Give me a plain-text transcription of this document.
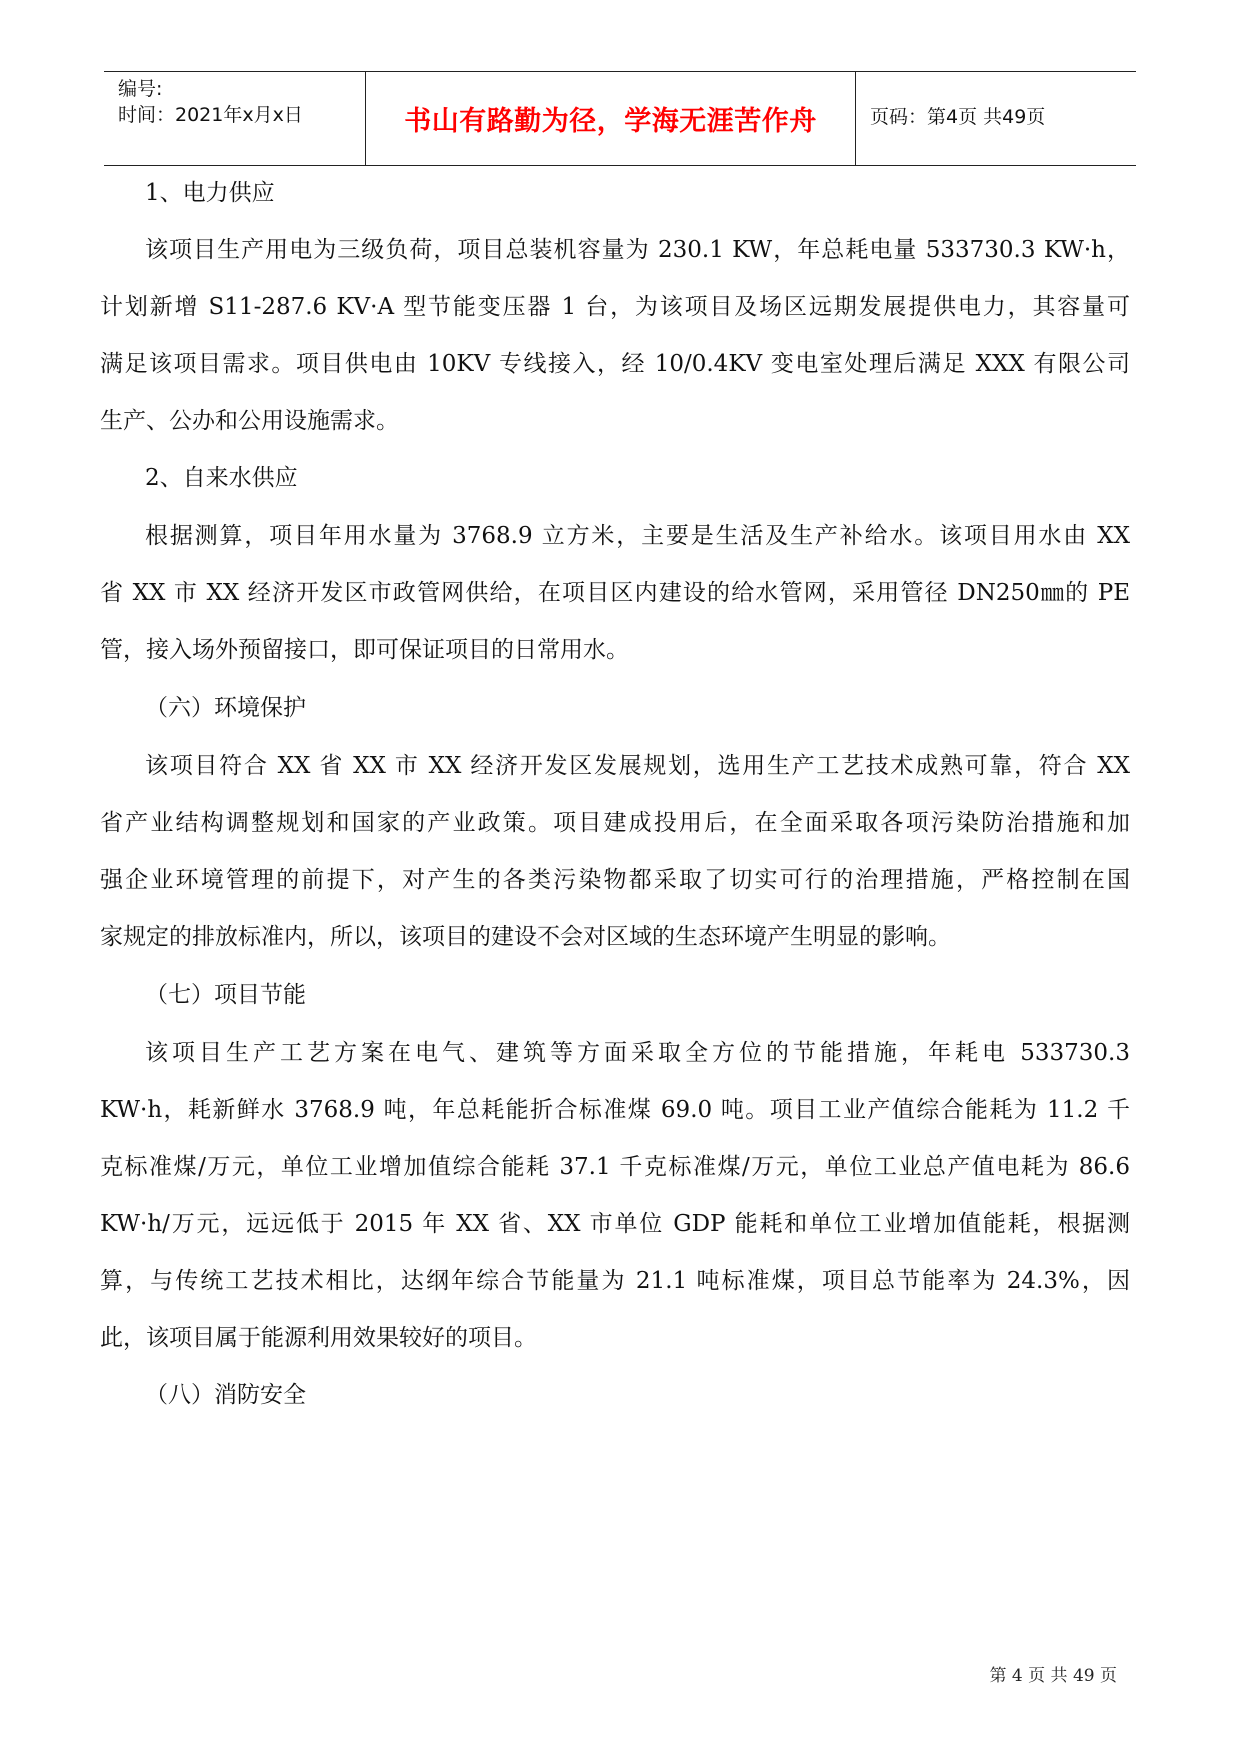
编号:
时间：2021年x月x日	书山有路勤为径，学海无涯苦作舟	页码：第4页 共49页
1、电力供应
该项目生产用电为三级负荷，项目总装机容量为 230.1 KW，年总耗电量 533730.3 KW·h，
计划新增 S11-287.6 KV·A 型节能变压器 1 台，为该项目及场区远期发展提供电力，其容量可
满足该项目需求。项目供电由 10KV 专线接入，经 10/0.4KV 变电室处理后满足 XXX 有限公司
生产、公办和公用设施需求。
2、自来水供应
根据测算，项目年用水量为 3768.9 立方米，主要是生活及生产补给水。该项目用水由 XX
省 XX 市 XX 经济开发区市政管网供给，在项目区内建设的给水管网，采用管径 DN250㎜的 PE
管，接入场外预留接口，即可保证项目的日常用水。
（六）环境保护
该项目符合 XX 省 XX 市 XX 经济开发区发展规划，选用生产工艺技术成熟可靠，符合 XX
省产业结构调整规划和国家的产业政策。项目建成投用后，在全面采取各项污染防治措施和加
强企业环境管理的前提下，对产生的各类污染物都采取了切实可行的治理措施，严格控制在国
家规定的排放标准内，所以，该项目的建设不会对区域的生态环境产生明显的影响。
（七）项目节能
该项目生产工艺方案在电气、建筑等方面采取全方位的节能措施，年耗电 533730.3
KW·h，耗新鲜水 3768.9 吨，年总耗能折合标准煤 69.0 吨。项目工业产值综合能耗为 11.2 千
克标准煤/万元，单位工业增加值综合能耗 37.1 千克标准煤/万元，单位工业总产值电耗为 86.6
KW·h/万元，远远低于 2015 年 XX 省、XX 市单位 GDP 能耗和单位工业增加值能耗，根据测
算，与传统工艺技术相比，达纲年综合节能量为 21.1 吨标准煤，项目总节能率为 24.3%，因
此，该项目属于能源利用效果较好的项目。
（八）消防安全
第 4 页 共 49 页
